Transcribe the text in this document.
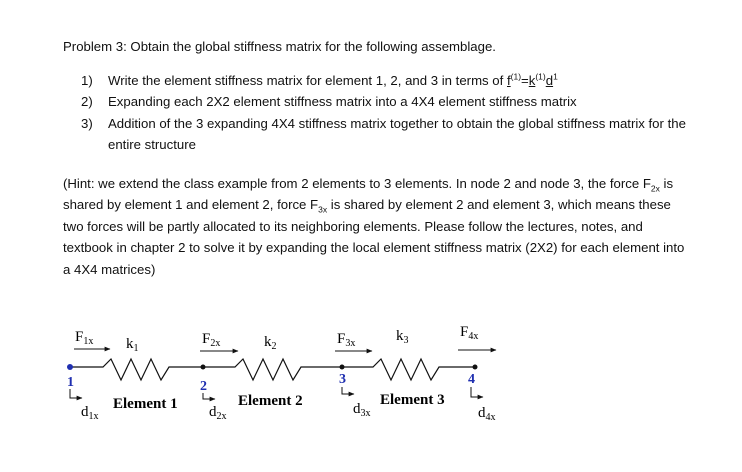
Problem 3: Obtain the global stiffness matrix for the following assemblage.
1) Write the element stiffness matrix for element 1, 2, and 3 in terms of $f^{(1)}=k^{(1)}d^1$
2) Expanding each 2X2 element stiffness matrix into a 4X4 element stiffness matrix
3) Addition of the 3 expanding 4X4 stiffness matrix together to obtain the global stiffness matrix for the entire structure
(Hint: we extend the class example from 2 elements to 3 elements. In node 2 and node 3, the force $F_{2x}$ is shared by element 1 and element 2, force $F_{3x}$ is shared by element 2 and element 3, which means these two forces will be partly allocated to its neighboring elements. Please follow the lectures, notes, and textbook in chapter 2 to solve it by expanding the local element stiffness matrix (2X2) for each element into a 4X4 matrices)
1	2	3	4
$F_{1x}$	$F_{2x}$	$F_{3x}$
$F_{4x}$
$k_1$	$k_2$
$k_3$
$d_{1x}$	$d_{2x}$	$d_{3x}$	$d_{4x}$
Element 1	Element 2	Element 3
